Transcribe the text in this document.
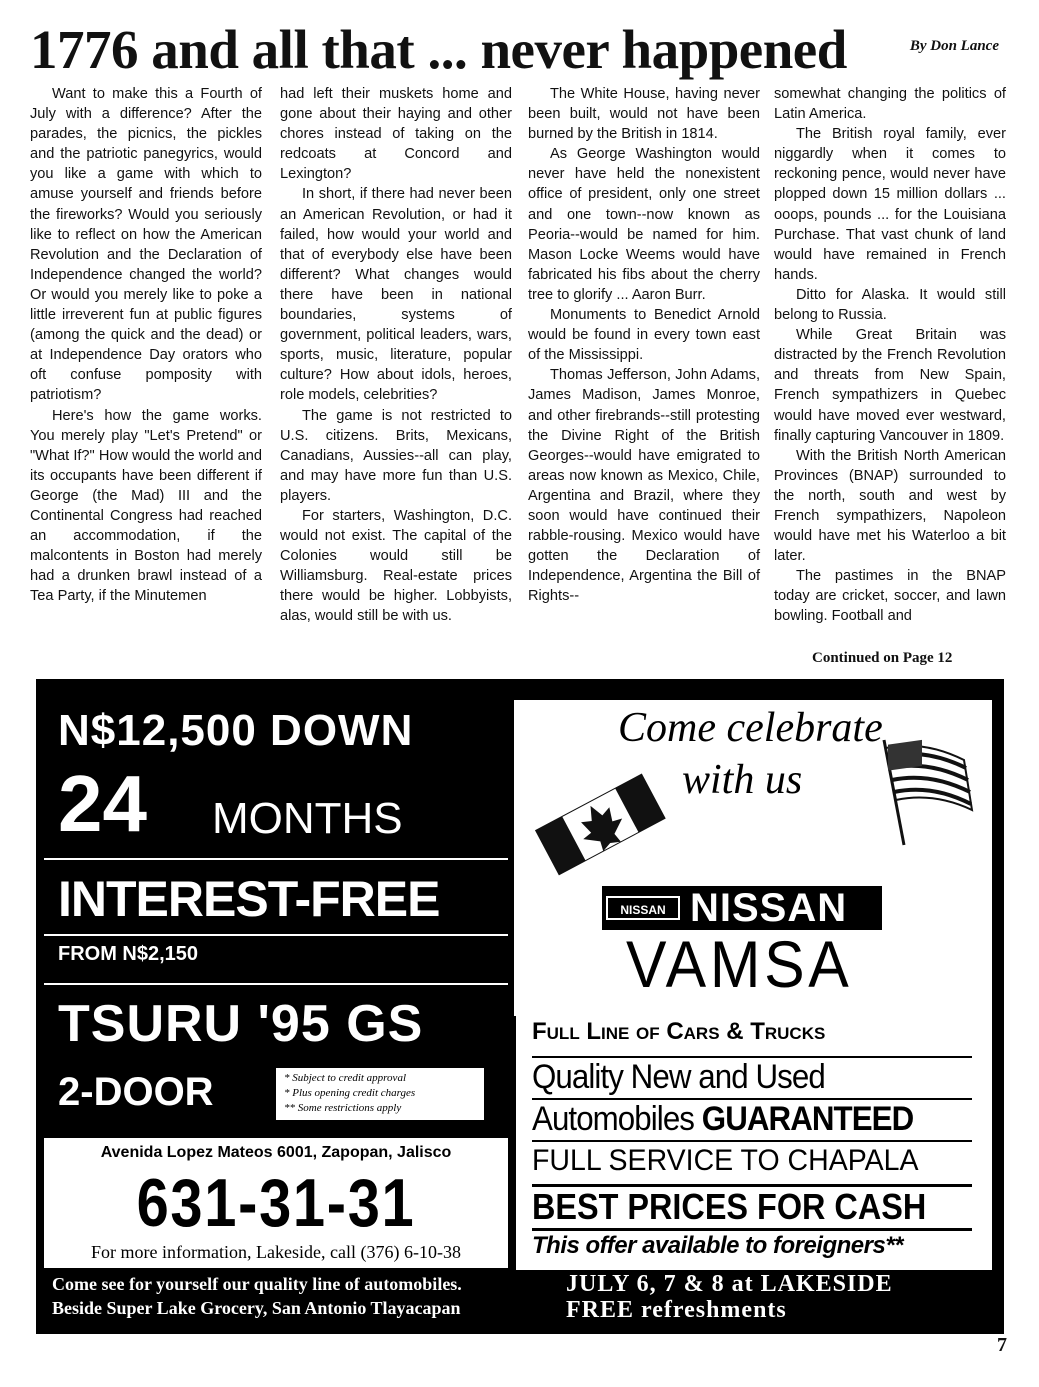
1776 and all that ... never happened	By Don Lance

Want to make this a Fourth of July with a difference? After the parades, the picnics, the pickles and the patriotic panegyrics, would you like a game with which to amuse yourself and friends before the fireworks? Would you seriously like to reflect on how the American Revolution and the Declaration of Independence changed the world? Or would you merely like to poke a little irreverent fun at public figures (among the quick and the dead) or at Independence Day orators who oft confuse pomposity with patriotism?

Here's how the game works. You merely play "Let's Pretend" or "What If?" How would the world and its occupants have been different if George (the Mad) III and the Continental Congress had reached an accommodation, if the malcontents in Boston had merely had a drunken brawl instead of a Tea Party, if the Minutemen

had left their muskets home and gone about their haying and other chores instead of taking on the redcoats at Concord and Lexington?

In short, if there had never been an American Revolution, or had it failed, how would your world and that of everybody else have been different? What changes would there have been in national boundaries, systems of government, political leaders, wars, sports, music, literature, popular culture? How about idols, heroes, role models, celebrities?

The game is not restricted to U.S. citizens. Brits, Mexicans, Canadians, Aussies--all can play, and may have more fun than U.S. players.

For starters, Washington, D.C. would not exist. The capital of the Colonies would still be Williamsburg. Real-estate prices there would be higher. Lobbyists, alas, would still be with us.

The White House, having never been built, would not have been burned by the British in 1814.

As George Washington would never have held the nonexistent office of president, only one street and one town--now known as Peoria--would be named for him. Mason Locke Weems would have fabricated his fibs about the cherry tree to glorify ... Aaron Burr.

Monuments to Benedict Arnold would be found in every town east of the Mississippi.

Thomas Jefferson, John Adams, James Madison, James Monroe, and other firebrands--still protesting the Divine Right of the British Georges--would have emigrated to areas now known as Mexico, Chile, Argentina and Brazil, where they soon would have continued their rabble-rousing. Mexico would have gotten the Declaration of Independence, Argentina the Bill of Rights--

somewhat changing the politics of Latin America.

The British royal family, ever niggardly when it comes to reckoning pence, would never have plopped down 15 million dollars ... ooops, pounds ... for the Louisiana Purchase. That vast chunk of land would have remained in French hands.

Ditto for Alaska. It would still belong to Russia.

While Great Britain was distracted by the French Revolution and threats from New Spain, French sympathizers in Quebec would have moved ever westward, finally capturing Vancouver in 1809.

With the British North American Provinces (BNAP) surrounded to the north, south and west by French sympathizers, Napoleon would have met his Waterloo a bit later.

The pastimes in the BNAP today are cricket, soccer, and lawn bowling. Football and

Continued on Page 12
N$12,500 DOWN
24 MONTHS
INTEREST-FREE
FROM N$2,150
TSURU '95 GS
2-DOOR	* Subject to credit approval
* Plus opening credit charges
** Some restrictions apply
Avenida Lopez Mateos 6001, Zapopan, Jalisco
631-31-31
For more information, Lakeside, call (376) 6-10-38
Come celebrate
with us
NISSAN NISSAN
VAMSA
Full Line of Cars & Trucks
Quality New and Used
Automobiles GUARANTEED
FULL SERVICE TO CHAPALA
BEST PRICES FOR CASH
This offer available to foreigners**
Come see for yourself our quality line of automobiles.
Beside Super Lake Grocery, San Antonio Tlayacapan
JULY 6, 7 & 8 at LAKESIDE
FREE refreshments
7
